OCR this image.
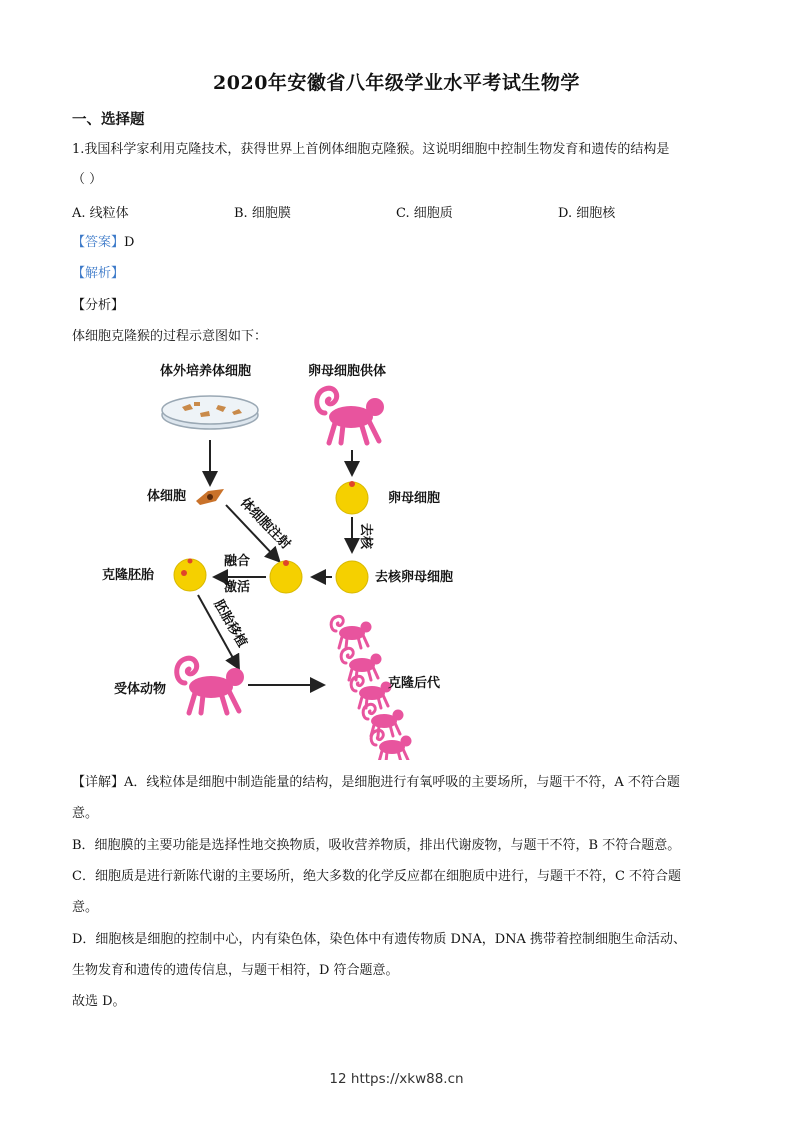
2020年安徽省八年级学业水平考试生物学
一、选择题
1.我国科学家利用克隆技术，获得世界上首例体细胞克隆猴。这说明细胞中控制生物发育和遗传的结构是
（ ）
A. 线粒体	B. 细胞膜	C. 细胞质	D. 细胞核
【答案】D
【解析】
【分析】
体细胞克隆猴的过程示意图如下：
体外培养体细胞	卵母细胞供体
体细胞	卵母细胞
体细胞注射	去核
去核卵母细胞
融合
激活
克隆胚胎
胚胎移植
受体动物	克隆后代
【详解】A．线粒体是细胞中制造能量的结构，是细胞进行有氧呼吸的主要场所，与题干不符，A 不符合题
意。
B．细胞膜的主要功能是选择性地交换物质，吸收营养物质，排出代谢废物，与题干不符，B 不符合题意。
C．细胞质是进行新陈代谢的主要场所，绝大多数的化学反应都在细胞质中进行，与题干不符，C 不符合题
意。
D．细胞核是细胞的控制中心，内有染色体，染色体中有遗传物质 DNA，DNA 携带着控制细胞生命活动、
生物发育和遗传的遗传信息，与题干相符，D 符合题意。
故选 D。
12 https://xkw88.cn
